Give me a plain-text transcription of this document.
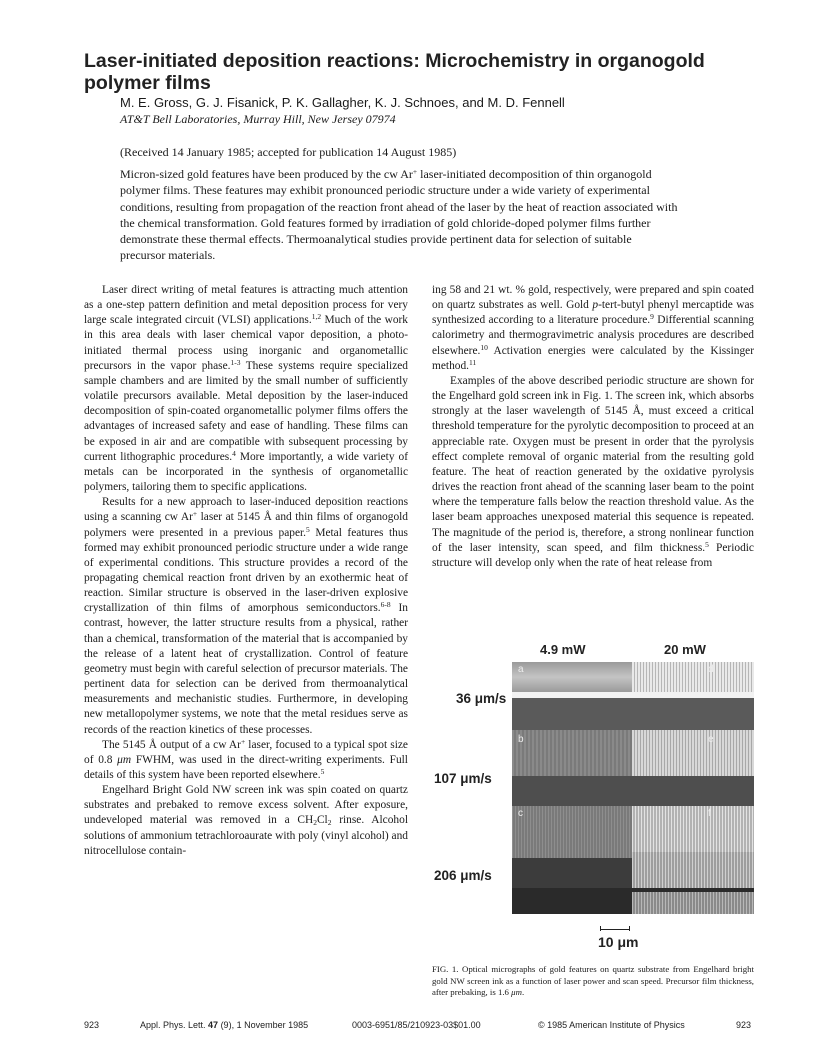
Laser-initiated deposition reactions: Microchemistry in organogold polymer films
M. E. Gross, G. J. Fisanick, P. K. Gallagher, K. J. Schnoes, and M. D. Fennell
AT&T Bell Laboratories, Murray Hill, New Jersey 07974
(Received 14 January 1985; accepted for publication 14 August 1985)
Micron-sized gold features have been produced by the cw Ar+ laser-initiated decomposition of thin organogold polymer films. These features may exhibit pronounced periodic structure under a wide variety of experimental conditions, resulting from propagation of the reaction front ahead of the laser by the heat of reaction associated with the chemical transformation. Gold features formed by irradiation of gold chloride-doped polymer films further demonstrate these thermal effects. Thermoanalytical studies provide pertinent data for selection of suitable precursor materials.

Laser direct writing of metal features is attracting much attention as a one-step pattern definition and metal deposition process for very large scale integrated circuit (VLSI) applications.$^{1,2}$ Much of the work in this area deals with laser chemical vapor deposition, a photo-initiated thermal process using inorganic and organometallic precursors in the vapor phase.$^{1-3}$ These systems require specialized sample chambers and are limited by the small number of sufficiently volatile precursors available. Metal deposition by the laser-induced decomposition of spin-coated organometallic polymer films offers the advantages of increased safety and ease of handling. These films can be exposed in air and are compatible with subsequent processing by current lithographic procedures.$^4$ More importantly, a wide variety of metals can be incorporated in the synthesis of organometallic polymers, tailoring them to specific applications.

Results for a new approach to laser-induced deposition reactions using a scanning cw Ar+ laser at 5145 Å and thin films of organogold polymers were presented in a previous paper.$^5$ Metal features thus formed may exhibit pronounced periodic structure under a wide range of experimental conditions. This structure provides a record of the propagating chemical reaction front driven by an exothermic heat of reaction. Similar structure is observed in the laser-driven explosive crystallization of thin films of amorphous semiconductors.$^{6-8}$ In contrast, however, the latter structure results from a physical, rather than a chemical, transformation of the material that is accompanied by the release of a latent heat of crystallization. Control of feature geometry must begin with careful selection of precursor materials. The pertinent data for selection can be derived from thermoanalytical measurements and mechanistic studies. Furthermore, in developing new metallopolymer systems, we note that the metal residues serve as records of the reaction kinetics of these processes.

The 5145 Å output of a cw Ar+ laser, focused to a typical spot size of 0.8 μm FWHM, was used in the direct-writing experiments. Full details of this system have been reported elsewhere.$^5$

Engelhard Bright Gold NW screen ink was spin coated on quartz substrates and prebaked to remove excess solvent. After exposure, undeveloped material was removed in a $CH_2Cl_2$ rinse. Alcohol solutions of ammonium tetrachloroaurate with poly (vinyl alcohol) and nitrocellulose contain-

ing 58 and 21 wt. % gold, respectively, were prepared and spin coated on quartz substrates as well. Gold p-tert-butyl phenyl mercaptide was synthesized according to a literature procedure.$^9$ Differential scanning calorimetry and thermogravimetric analysis procedures are described elsewhere.$^{10}$ Activation energies were calculated by the Kissinger method.$^{11}$

Examples of the above described periodic structure are shown for the Engelhard gold screen ink in Fig. 1. The screen ink, which absorbs strongly at the laser wavelength of 5145 Å, must exceed a critical threshold temperature for the pyrolytic decomposition to proceed at an appreciable rate. Oxygen must be present in order that the pyrolysis effect complete removal of organic material from the resulting gold feature. The heat of reaction generated by the oxidative pyrolysis drives the reaction front ahead of the scanning laser beam to the point where the temperature falls below the reaction threshold value. As the laser beam approaches unexposed material this sequence is repeated. The magnitude of the period is, therefore, a strong nonlinear function of the laser intensity, scan speed, and film thickness.$^5$ Periodic structure will develop only when the rate of heat release from

4.9 mW	20 mW
36 μm/s
107 μm/s
206 μm/s
a
b
c
d
e
f
10 μm
FIG. 1. Optical micrographs of gold features on quartz substrate from Engelhard bright gold NW screen ink as a function of laser power and scan speed. Precursor film thickness, after prebaking, is 1.6 μm.
923	Appl. Phys. Lett. 47 (9), 1 November 1985	0003-6951/85/210923-03$01.00	© 1985 American Institute of Physics	923
